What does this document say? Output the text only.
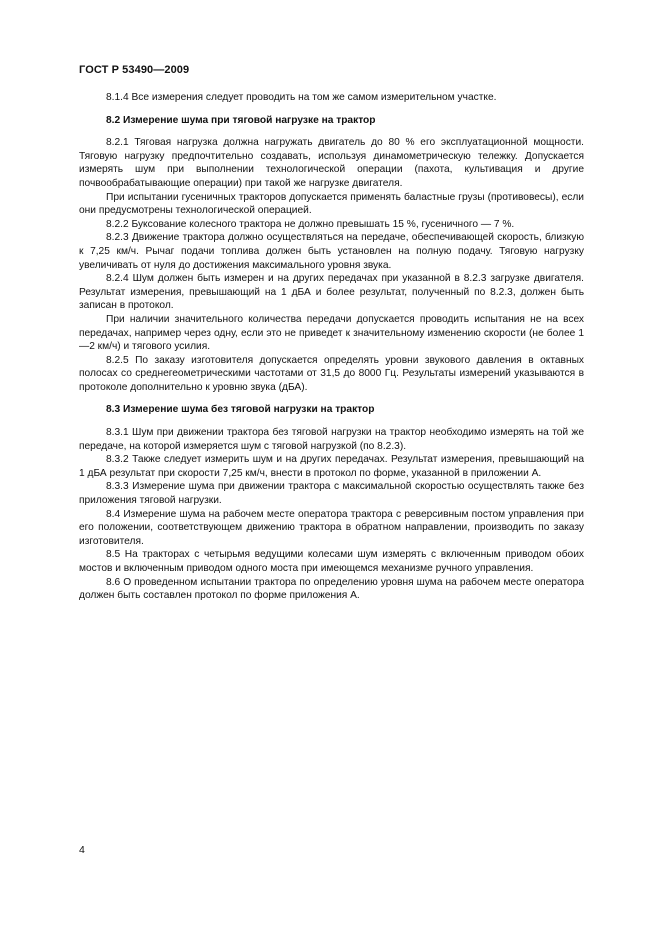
ГОСТ Р 53490—2009

8.1.4 Все измерения следует проводить на том же самом измерительном участке.

8.2 Измерение шума при тяговой нагрузке на трактор

8.2.1 Тяговая нагрузка должна нагружать двигатель до 80 % его эксплуатационной мощности. Тяговую нагрузку предпочтительно создавать, используя динамометрическую тележку. Допускается измерять шум при выполнении технологической операции (пахота, культивация и другие почвообрабатывающие операции) при такой же нагрузке двигателя.

При испытании гусеничных тракторов допускается применять баластные грузы (противовесы), если они предусмотрены технологической операцией.

8.2.2 Буксование колесного трактора не должно превышать 15 %, гусеничного — 7 %.

8.2.3 Движение трактора должно осуществляться на передаче, обеспечивающей скорость, близкую к 7,25 км/ч. Рычаг подачи топлива должен быть установлен на полную подачу. Тяговую нагрузку увеличивать от нуля до достижения максимального уровня звука.

8.2.4 Шум должен быть измерен и на других передачах при указанной в 8.2.3 загрузке двигателя. Результат измерения, превышающий на 1 дБА и более результат, полученный по 8.2.3, должен быть записан в протокол.

При наличии значительного количества передачи допускается проводить испытания не на всех передачах, например через одну, если это не приведет к значительному изменению скорости (не более 1—2 км/ч) и тягового усилия.

8.2.5 По заказу изготовителя допускается определять уровни звукового давления в октавных полосах со среднегеометрическими частотами от 31,5 до 8000 Гц. Результаты измерений указываются в протоколе дополнительно к уровню звука (дБА).

8.3 Измерение шума без тяговой нагрузки на трактор

8.3.1 Шум при движении трактора без тяговой нагрузки на трактор необходимо измерять на той же передаче, на которой измеряется шум с тяговой нагрузкой (по 8.2.3).

8.3.2 Также следует измерить шум и на других передачах. Результат измерения, превышающий на 1 дБА результат при скорости 7,25 км/ч, внести в протокол по форме, указанной в приложении А.

8.3.3 Измерение шума при движении трактора с максимальной скоростью осуществлять также без приложения тяговой нагрузки.

8.4 Измерение шума на рабочем месте оператора трактора с реверсивным постом управления при его положении, соответствующем движению трактора в обратном направлении, производить по заказу изготовителя.

8.5 На тракторах с четырьмя ведущими колесами шум измерять с включенным приводом обоих мостов и включенным приводом одного моста при имеющемся механизме ручного управления.

8.6 О проведенном испытании трактора по определению уровня шума на рабочем месте оператора должен быть составлен протокол по форме приложения А.

4
